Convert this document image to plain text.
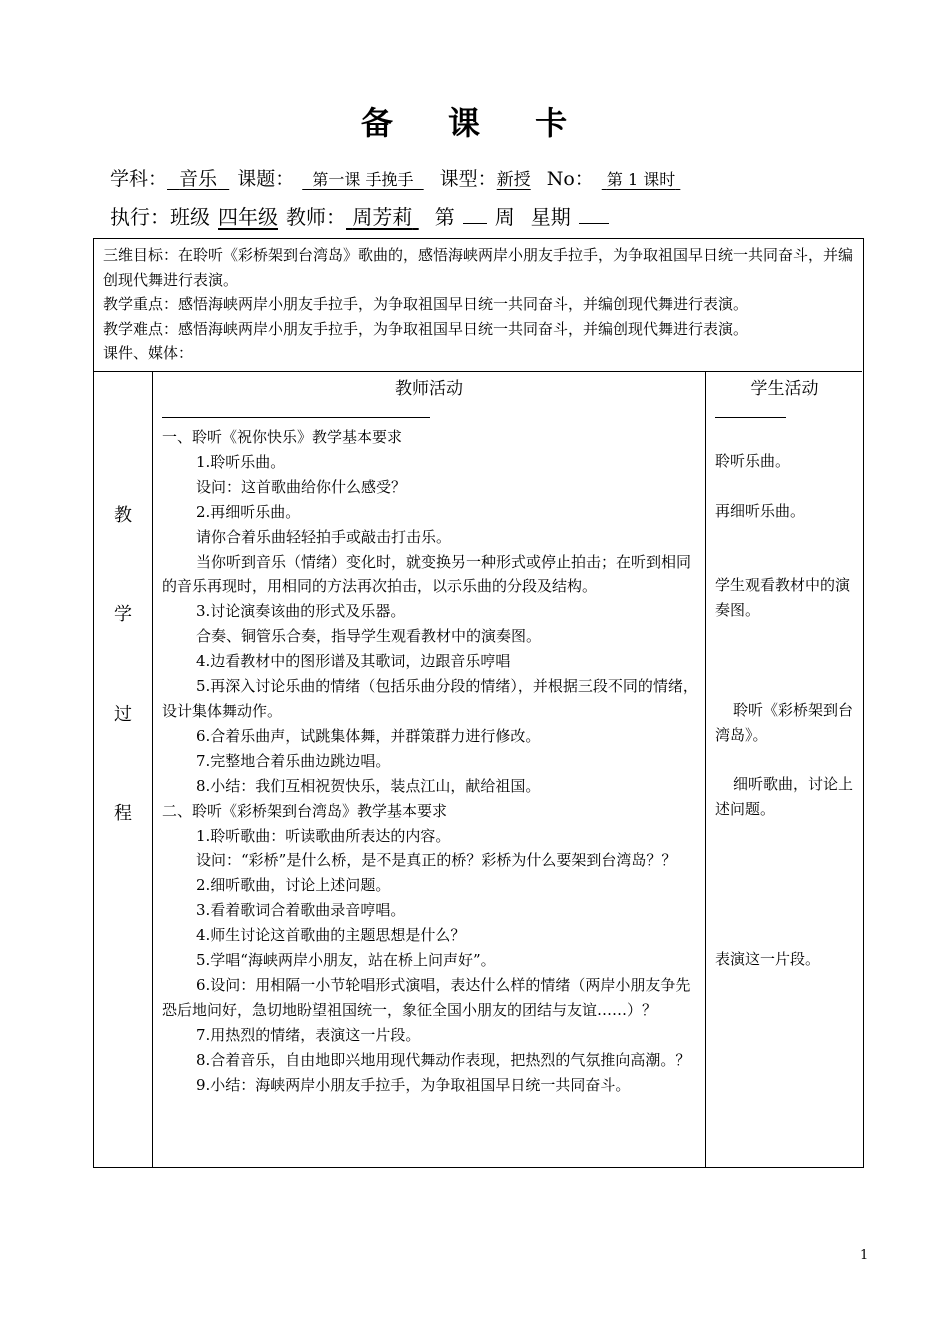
备 课 卡
学科： 音乐 课题： 第一课 手挽手 课型：新授 No： 第 1 课时
执行：班级 四年级 教师： 周芳莉 第 周 星期

三维目标：在聆听《彩桥架到台湾岛》歌曲的，感悟海峡两岸小朋友手拉手，为争取祖国早日统一共同奋斗，并编创现代舞进行表演。

教学重点：感悟海峡两岸小朋友手拉手，为争取祖国早日统一共同奋斗，并编创现代舞进行表演。

教学难点：感悟海峡两岸小朋友手拉手，为争取祖国早日统一共同奋斗，并编创现代舞进行表演。

课件、媒体：

教
学
过
程
教师活动

一、聆听《祝你快乐》教学基本要求

1.聆听乐曲。

设问：这首歌曲给你什么感受？

2.再细听乐曲。

请你合着乐曲轻轻拍手或敲击打击乐。

当你听到音乐（情绪）变化时，就变换另一种形式或停止拍击；在听到相同的音乐再现时，用相同的方法再次拍击，以示乐曲的分段及结构。

3.讨论演奏该曲的形式及乐器。

合奏、铜管乐合奏，指导学生观看教材中的演奏图。

4.边看教材中的图形谱及其歌词，边跟音乐哼唱

5.再深入讨论乐曲的情绪（包括乐曲分段的情绪），并根据三段不同的情绪，设计集体舞动作。

6.合着乐曲声，试跳集体舞，并群策群力进行修改。

7.完整地合着乐曲边跳边唱。

8.小结：我们互相祝贺快乐，装点江山，献给祖国。

二、聆听《彩桥架到台湾岛》教学基本要求

1.聆听歌曲：听读歌曲所表达的内容。

设问：“彩桥”是什么桥，是不是真正的桥？彩桥为什么要架到台湾岛？？

2.细听歌曲，讨论上述问题。

3.看着歌词合着歌曲录音哼唱。

4.师生讨论这首歌曲的主题思想是什么？

5.学唱“海峡两岸小朋友，站在桥上问声好”。

6.设问：用相隔一小节轮唱形式演唱，表达什么样的情绪（两岸小朋友争先恐后地问好，急切地盼望祖国统一，象征全国小朋友的团结与友谊……）？

7.用热烈的情绪，表演这一片段。

8.合着音乐，自由地即兴地用现代舞动作表现，把热烈的气氛推向高潮。？

9.小结：海峡两岸小朋友手拉手，为争取祖国早日统一共同奋斗。

学生活动
聆听乐曲。
再细听乐曲。
学生观看教材中的演奏图。
聆听《彩桥架到台湾岛》。
细听歌曲，讨论上述问题。
表演这一片段。
1
